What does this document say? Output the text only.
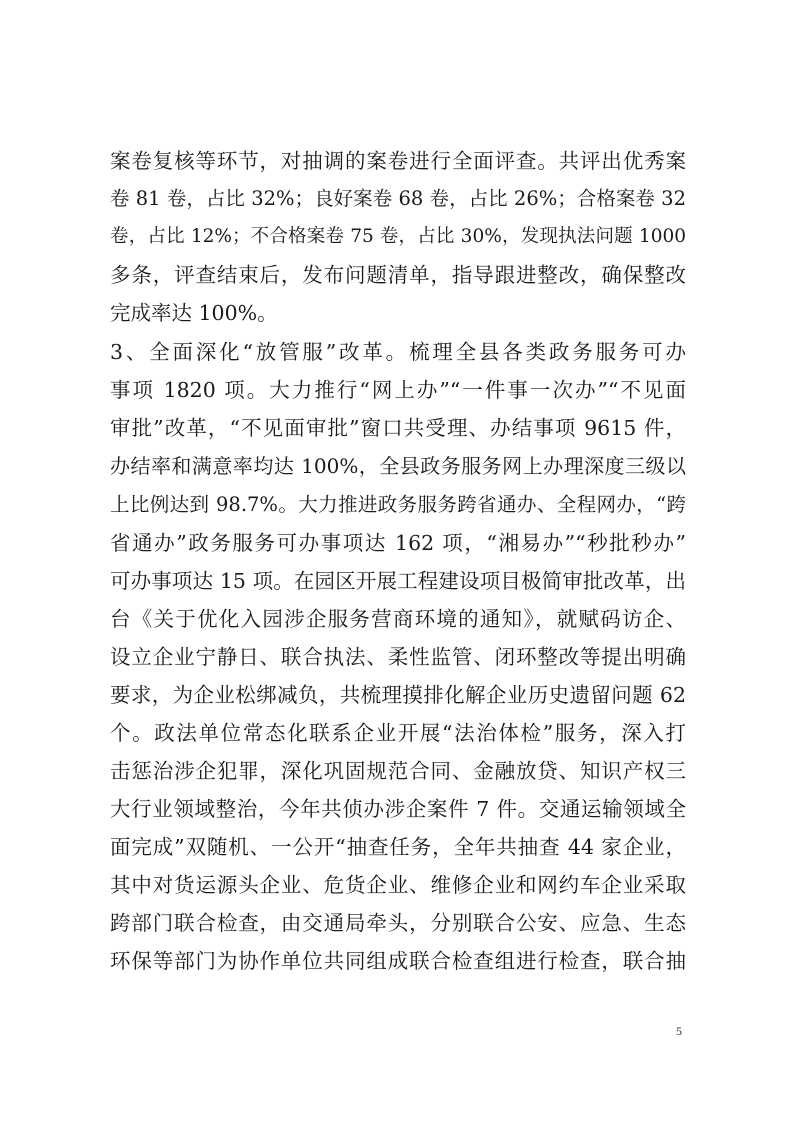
案卷复核等环节，对抽调的案卷进行全面评查。共评出优秀案
卷 81 卷，占比 32%；良好案卷 68 卷，占比 26%；合格案卷 32
卷，占比 12%；不合格案卷 75 卷，占比 30%，发现执法问题 1000
多条，评查结束后，发布问题清单，指导跟进整改，确保整改
完成率达 100%。
3、全面深化“放管服”改革。梳理全县各类政务服务可办
事项 1820 项。大力推行“网上办”“一件事一次办”“不见面
审批”改革，“不见面审批”窗口共受理、办结事项 9615 件，
办结率和满意率均达 100%，全县政务服务网上办理深度三级以
上比例达到 98.7%。大力推进政务服务跨省通办、全程网办，“跨
省通办”政务服务可办事项达 162 项，“湘易办”“秒批秒办”
可办事项达 15 项。在园区开展工程建设项目极简审批改革，出
台《关于优化入园涉企服务营商环境的通知》，就赋码访企、
设立企业宁静日、联合执法、柔性监管、闭环整改等提出明确
要求，为企业松绑减负，共梳理摸排化解企业历史遗留问题 62
个。政法单位常态化联系企业开展“法治体检”服务，深入打
击惩治涉企犯罪，深化巩固规范合同、金融放贷、知识产权三
大行业领域整治，今年共侦办涉企案件 7 件。交通运输领域全
面完成”双随机、一公开“抽查任务，全年共抽查 44 家企业，
其中对货运源头企业、危货企业、维修企业和网约车企业采取
跨部门联合检查，由交通局牵头，分别联合公安、应急、生态
环保等部门为协作单位共同组成联合检查组进行检查，联合抽
5
